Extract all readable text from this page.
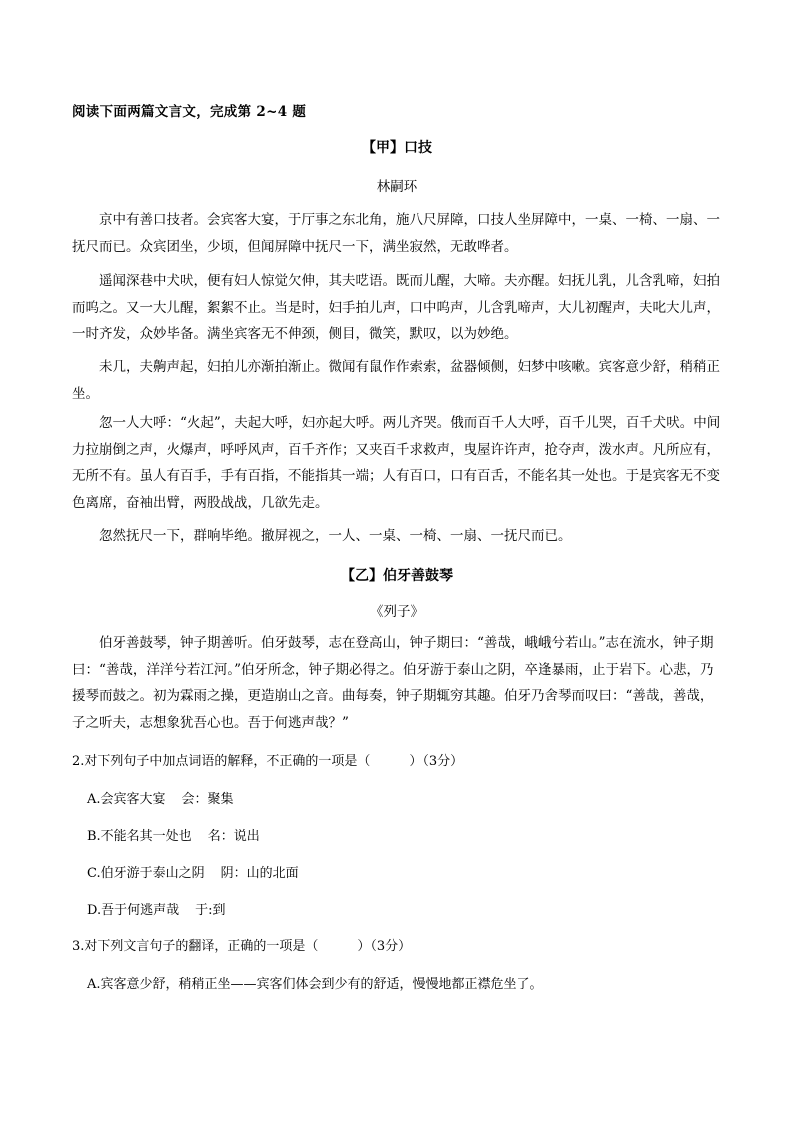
阅读下面两篇文言文，完成第 2~4 题
【甲】口技
林嗣环

京中有善口技者。会宾客大宴，于厅事之东北角，施八尺屏障，口技人坐屏障中，一桌、一椅、一扇、一抚尺而已。众宾团坐，少顷，但闻屏障中抚尺一下，满坐寂然，无敢哗者。

遥闻深巷中犬吠，便有妇人惊觉欠伸，其夫呓语。既而儿醒，大啼。夫亦醒。妇抚儿乳，儿含乳啼，妇拍而呜之。又一大儿醒，絮絮不止。当是时，妇手拍儿声，口中呜声，儿含乳啼声，大儿初醒声，夫叱大儿声，一时齐发，众妙毕备。满坐宾客无不伸颈，侧目，微笑，默叹，以为妙绝。

未几，夫齁声起，妇拍儿亦渐拍渐止。微闻有鼠作作索索，盆器倾侧，妇梦中咳嗽。宾客意少舒，稍稍正坐。

忽一人大呼：“火起”，夫起大呼，妇亦起大呼。两儿齐哭。俄而百千人大呼，百千儿哭，百千犬吠。中间力拉崩倒之声，火爆声，呼呼风声，百千齐作；又夹百千求救声，曳屋许许声，抢夺声，泼水声。凡所应有，无所不有。虽人有百手，手有百指，不能指其一端；人有百口，口有百舌，不能名其一处也。于是宾客无不变色离席，奋袖出臂，两股战战，几欲先走。

忽然抚尺一下，群响毕绝。撤屏视之，一人、一桌、一椅、一扇、一抚尺而已。

【乙】伯牙善鼓琴
《列子》

伯牙善鼓琴，钟子期善听。伯牙鼓琴，志在登高山，钟子期曰：“善哉，峨峨兮若山。”志在流水，钟子期曰：“善哉，洋洋兮若江河。”伯牙所念，钟子期必得之。伯牙游于泰山之阴，卒逢暴雨，止于岩下。心悲，乃援琴而鼓之。初为霖雨之操，更造崩山之音。曲每奏，钟子期辄穷其趣。伯牙乃舍琴而叹曰：“善哉，善哉，子之听夫，志想象犹吾心也。吾于何逃声哉？”

2.对下列句子中加点词语的解释，不正确的一项是（　　　）（3分）
A.会宾客大宴 会：聚集
B.不能名其一处也 名：说出
C.伯牙游于泰山之阴 阴：山的北面
D.吾于何逃声哉 于:到
3.对下列文言句子的翻译，正确的一项是（　　　）（3分）
A.宾客意少舒，稍稍正坐——宾客们体会到少有的舒适，慢慢地都正襟危坐了。
